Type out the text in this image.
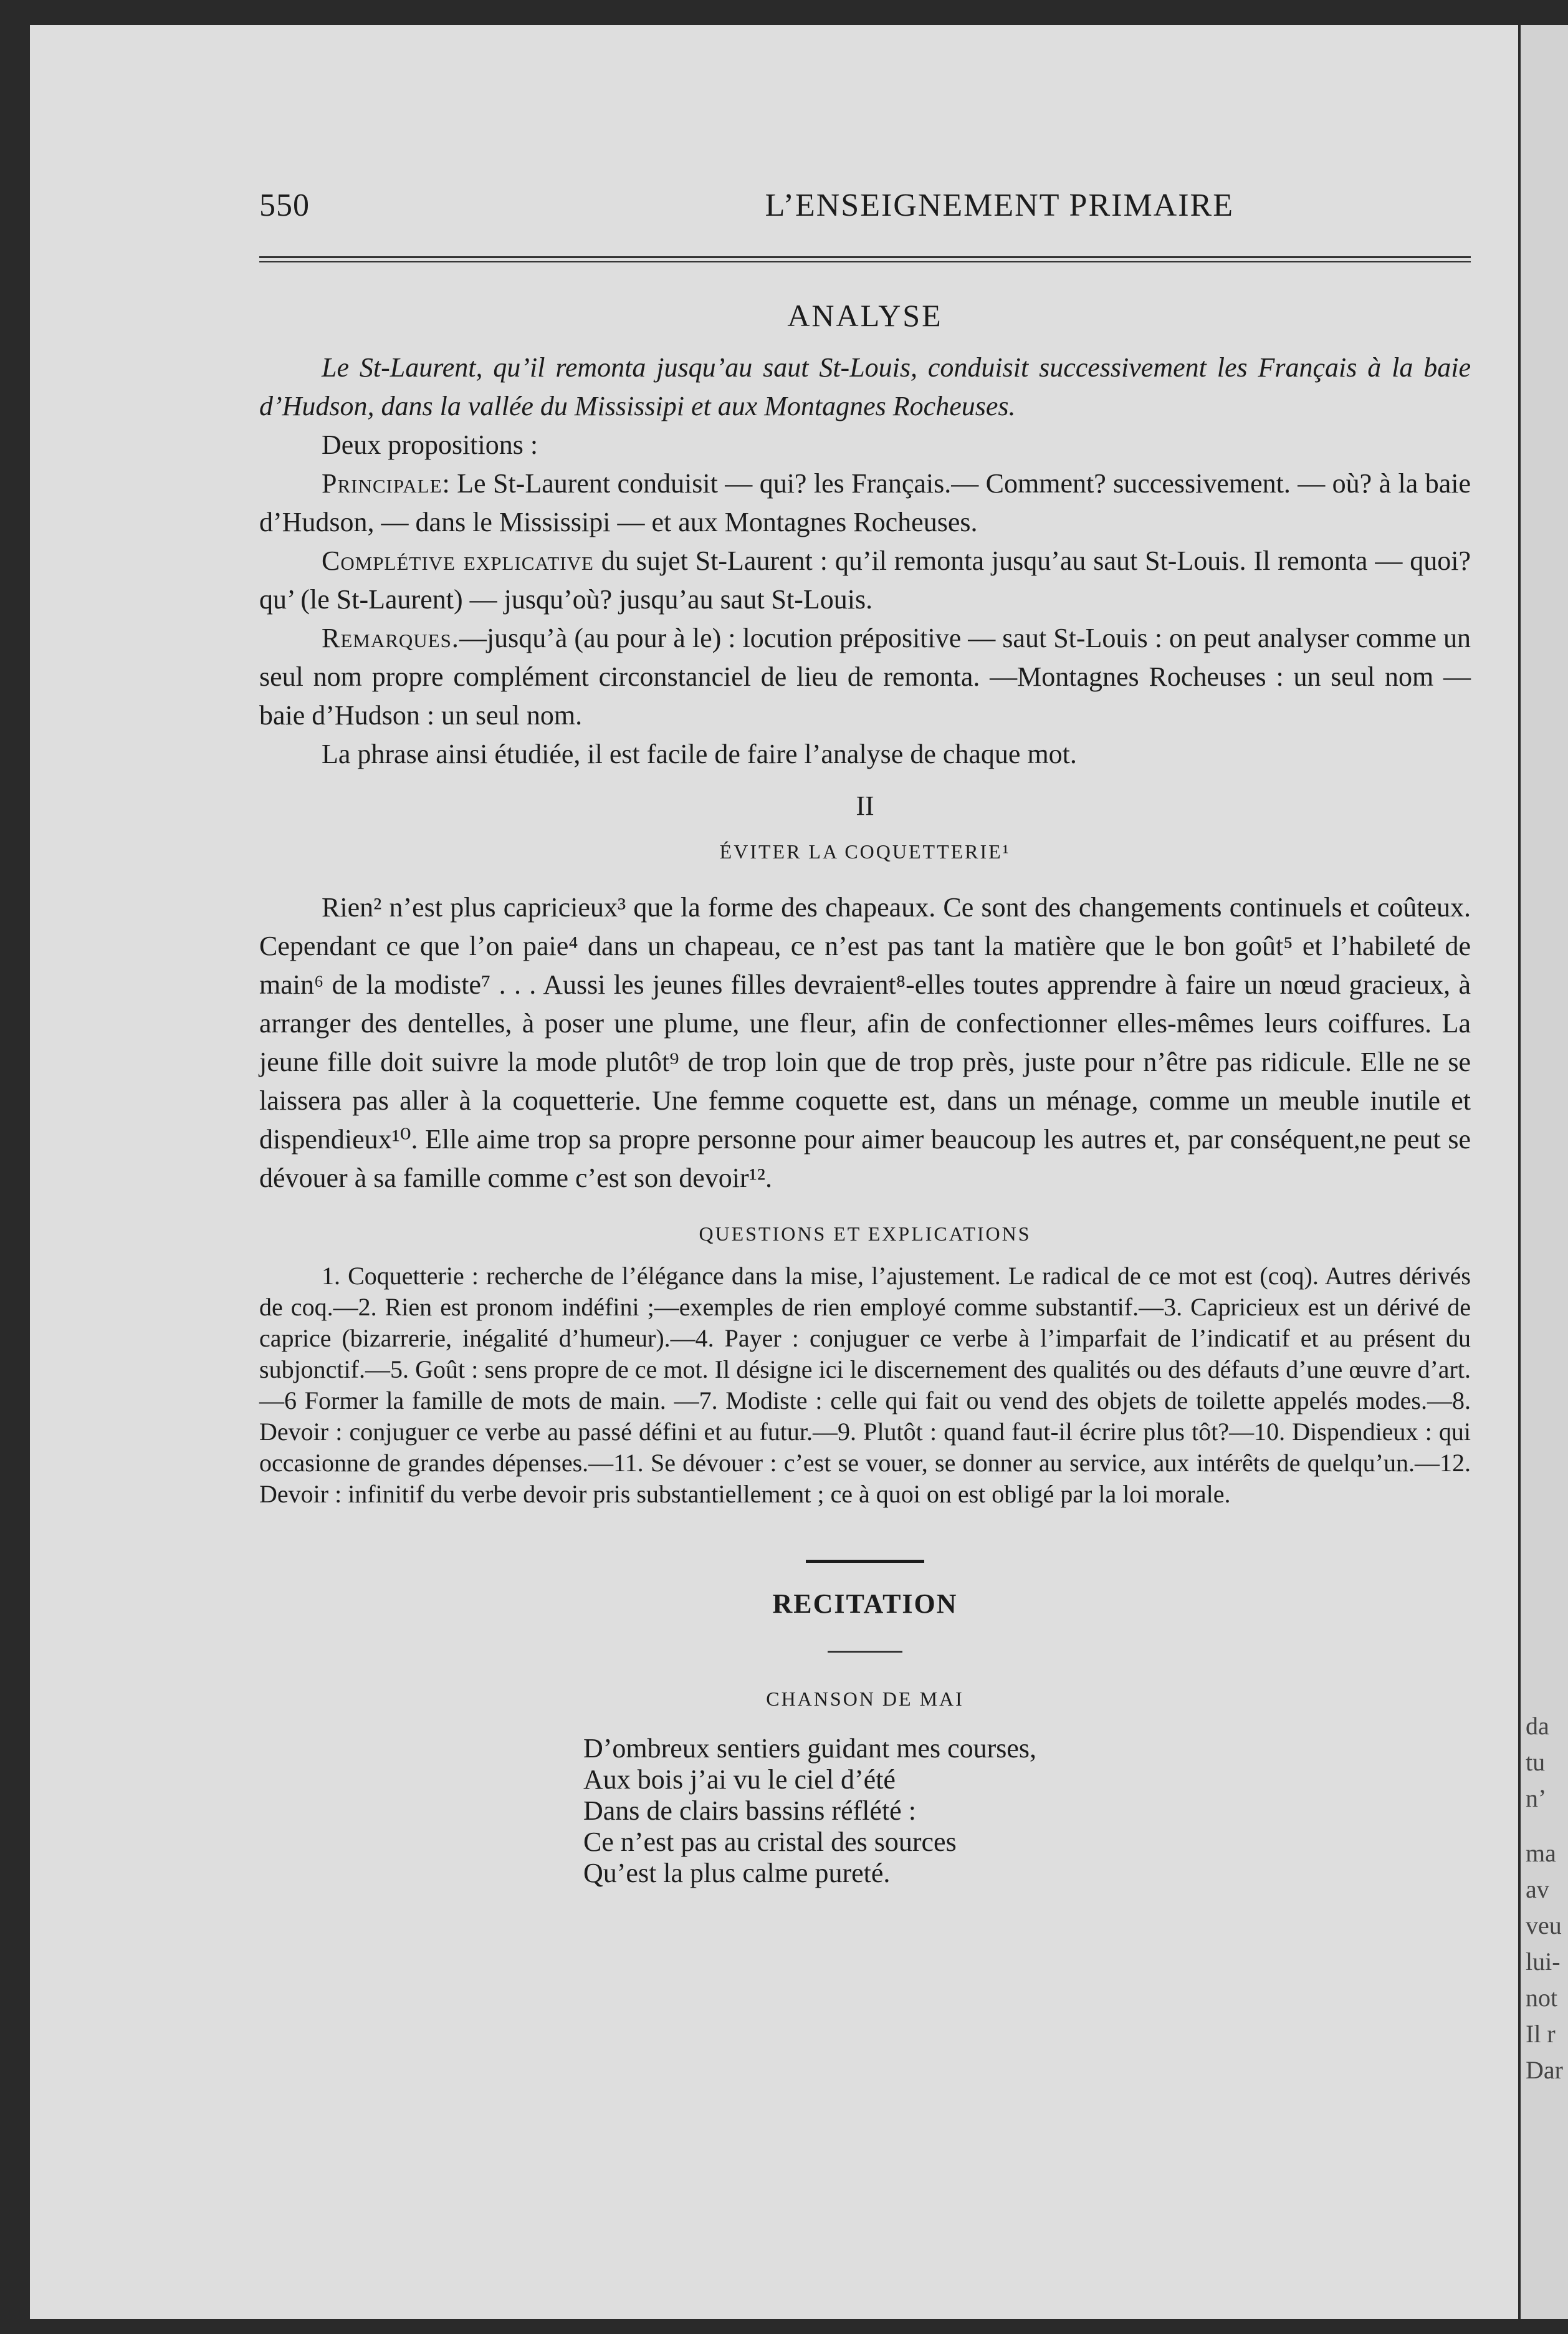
550	L’ENSEIGNEMENT PRIMAIRE
ANALYSE

Le St-Laurent, qu’il remonta jusqu’au saut St-Louis, conduisit successivement les Français à la baie d’Hudson, dans la vallée du Mississipi et aux Montagnes Rocheuses.

Deux propositions :

Principale: Le St-Laurent conduisit — qui? les Français.— Comment? successivement. — où? à la baie d’Hudson, — dans le Mississipi — et aux Montagnes Rocheuses.

Complétive explicative du sujet St-Laurent : qu’il remonta jusqu’au saut St-Louis. Il remonta — quoi? qu’ (le St-Laurent) — jusqu’où? jusqu’au saut St-Louis.

Remarques.—jusqu’à (au pour à le) : locution prépositive — saut St-Louis : on peut analyser comme un seul nom propre complément circonstanciel de lieu de remonta. —Montagnes Rocheuses : un seul nom — baie d’Hudson : un seul nom.

La phrase ainsi étudiée, il est facile de faire l’analyse de chaque mot.

II
ÉVITER LA COQUETTERIE¹

Rien² n’est plus capricieux³ que la forme des chapeaux. Ce sont des changements continuels et coûteux. Cependant ce que l’on paie⁴ dans un chapeau, ce n’est pas tant la matière que le bon goût⁵ et l’habileté de main⁶ de la modiste⁷ . . . Aussi les jeunes filles devraient⁸-elles toutes apprendre à faire un nœud gracieux, à arranger des dentelles, à poser une plume, une fleur, afin de confectionner elles-mêmes leurs coiffures. La jeune fille doit suivre la mode plutôt⁹ de trop loin que de trop près, juste pour n’être pas ridicule. Elle ne se laissera pas aller à la coquetterie. Une femme coquette est, dans un ménage, comme un meuble inutile et dispendieux¹⁰. Elle aime trop sa propre personne pour aimer beaucoup les autres et, par conséquent,ne peut se dévouer à sa famille comme c’est son devoir¹².

QUESTIONS ET EXPLICATIONS

1. Coquetterie : recherche de l’élégance dans la mise, l’ajustement. Le radical de ce mot est (coq). Autres dérivés de coq.—2. Rien est pronom indéfini ;—exemples de rien employé comme substantif.—3. Capricieux est un dérivé de caprice (bizarrerie, inégalité d’humeur).—4. Payer : conjuguer ce verbe à l’imparfait de l’indicatif et au présent du subjonctif.—5. Goût : sens propre de ce mot. Il désigne ici le discernement des qualités ou des défauts d’une œuvre d’art.—6 Former la famille de mots de main. —7. Modiste : celle qui fait ou vend des objets de toilette appelés modes.—8. Devoir : conjuguer ce verbe au passé défini et au futur.—9. Plutôt : quand faut-il écrire plus tôt?—10. Dispendieux : qui occasionne de grandes dépenses.—11. Se dévouer : c’est se vouer, se donner au service, aux intérêts de quelqu’un.—12. Devoir : infinitif du verbe devoir pris substantiellement ; ce à quoi on est obligé par la loi morale.

RECITATION
CHANSON DE MAI
D’ombreux sentiers guidant mes courses,
Aux bois j’ai vu le ciel d’été
Dans de clairs bassins réflété :
Ce n’est pas au cristal des sources
Qu’est la plus calme pureté.
da
tu
n’
ma
av
veu
lui-
not
Il r
Dar
